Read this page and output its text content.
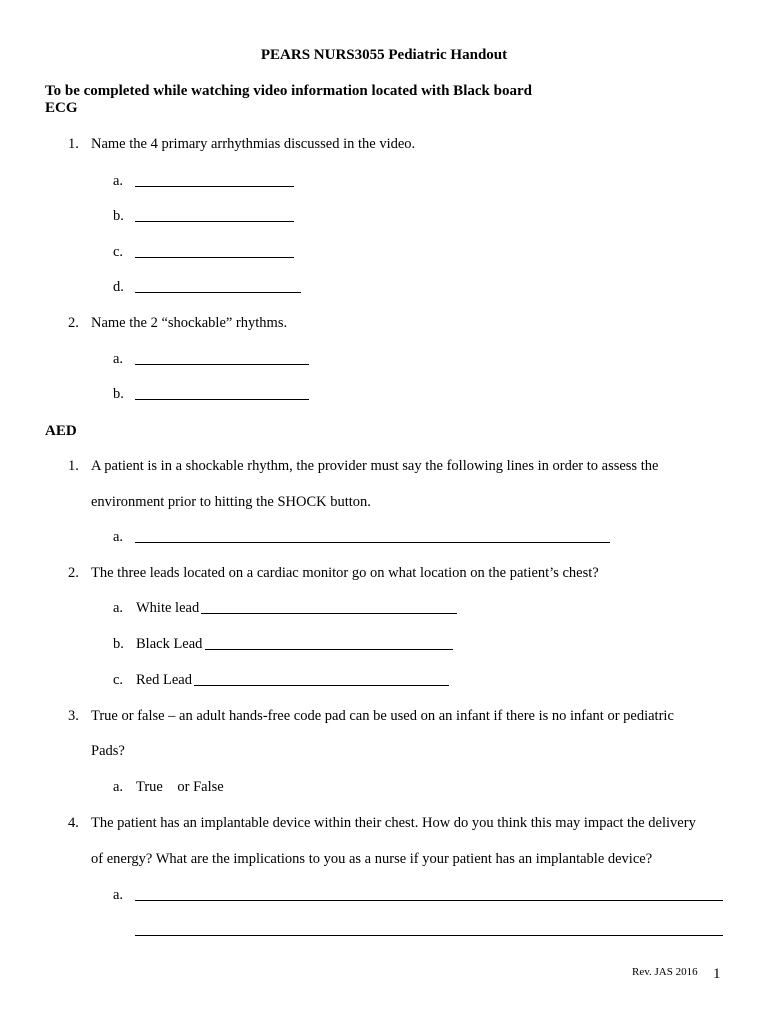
PEARS NURS3055 Pediatric Handout
To be completed while watching video information located with Black board
ECG
1. Name the 4 primary arrhythmias discussed in the video.
a.
b.
c.
d.
2. Name the 2 “shockable” rhythms.
a.
b.
AED
1. A patient is in a shockable rhythm, the provider must say the following lines in order to assess the
environment prior to hitting the SHOCK button.
a.
2. The three leads located on a cardiac monitor go on what location on the patient’s chest?
a. White lead
b. Black Lead
c. Red Lead
3. True or false – an adult hands-free code pad can be used on an infant if there is no infant or pediatric
Pads?
a. True    or False
4. The patient has an implantable device within their chest. How do you think this may impact the delivery
of energy? What are the implications to you as a nurse if your patient has an implantable device?
a.
Rev. JAS 2016 1
